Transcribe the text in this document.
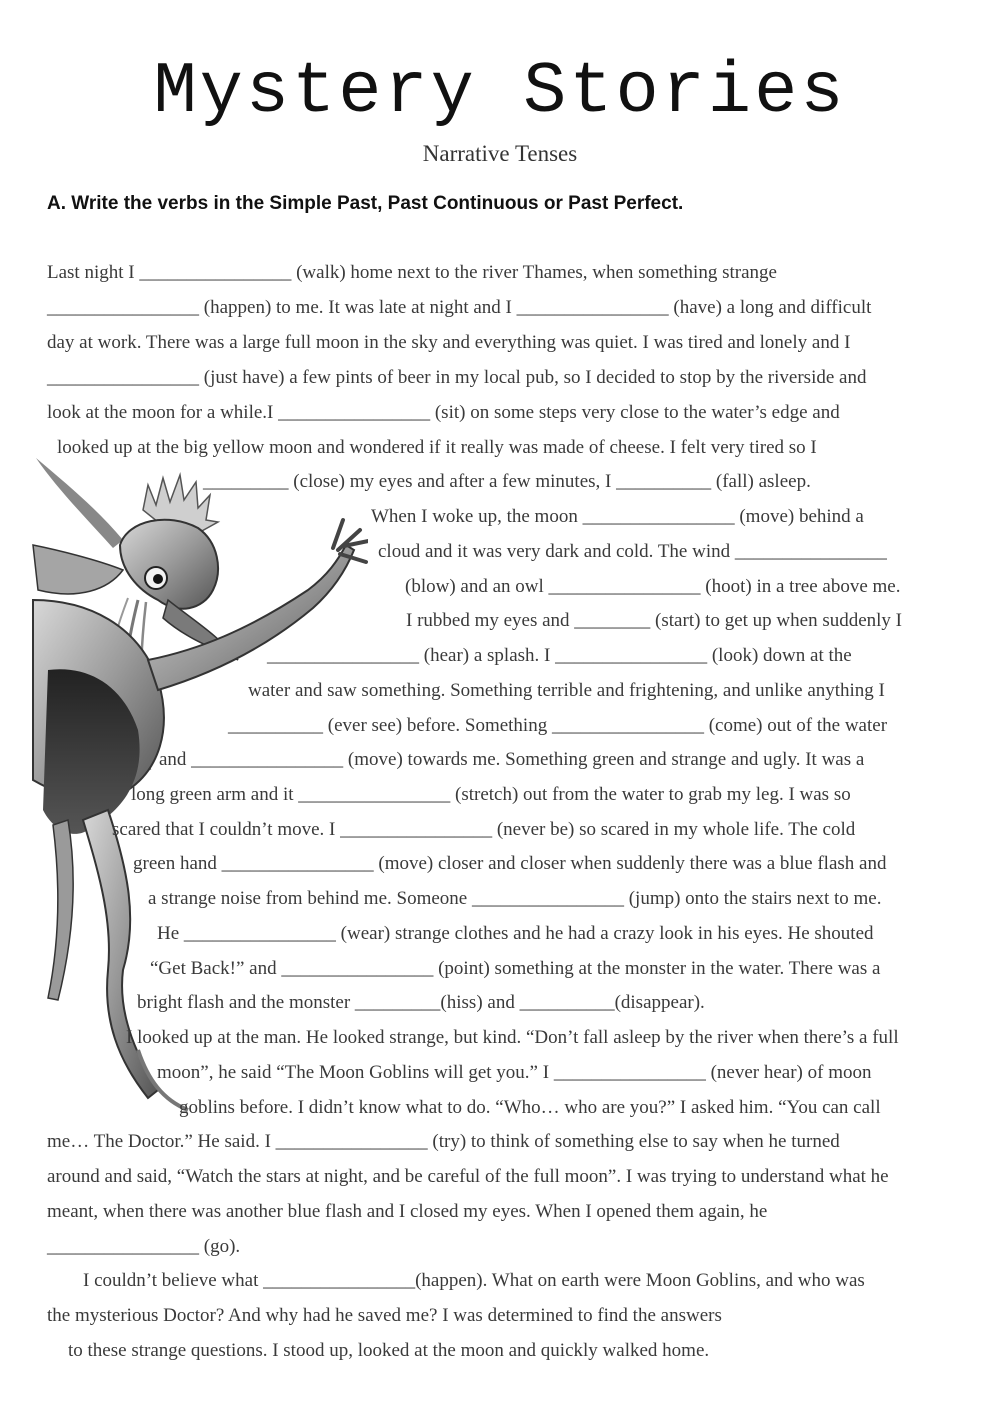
Mystery Stories
Narrative Tenses
A. Write the verbs in the Simple Past, Past Continuous or Past Perfect.
Last night I ________________ (walk) home next to the river Thames, when something strange
________________ (happen) to me. It was late at night and I ________________ (have) a long and difficult
day at work. There was a large full moon in the sky and everything was quiet. I was tired and lonely and I
________________ (just have) a few pints of beer in my local pub, so I decided to stop by the riverside and
look at the moon for a while.I ________________ (sit) on some steps very close to the water’s edge and
looked up at the big yellow moon and wondered if it really was made of cheese. I felt very tired so I
_________ (close) my eyes and after a few minutes, I __________ (fall) asleep.
When I woke up, the moon ________________ (move) behind a
cloud and it was very dark and cold. The wind ________________
(blow) and an owl ________________ (hoot) in a tree above me.
I rubbed my eyes and ________ (start) to get up when suddenly I
________________ (hear) a splash. I ________________ (look) down at the
water and saw something. Something terrible and frightening, and unlike anything I
__________ (ever see) before. Something ________________ (come) out of the water
and ________________ (move) towards me. Something green and strange and ugly. It was a
long green arm and it ________________ (stretch) out from the water to grab my leg. I was so
scared that I couldn’t move. I ________________ (never be) so scared in my whole life. The cold
green hand ________________ (move) closer and closer when suddenly there was a blue flash and
a strange noise from behind me. Someone ________________ (jump) onto the stairs next to me.
He ________________ (wear) strange clothes and he had a crazy look in his eyes. He shouted
“Get Back!” and ________________ (point) something at the monster in the water. There was a
bright flash and the monster _________(hiss) and __________(disappear).
I looked up at the man. He looked strange, but kind. “Don’t fall asleep by the river when there’s a full
moon”, he said “The Moon Goblins will get you.” I ________________ (never hear) of moon
goblins before. I didn’t know what to do. “Who… who are you?” I asked him. “You can call
me… The Doctor.” He said. I ________________ (try) to think of something else to say when he turned
around and said, “Watch the stars at night, and be careful of the full moon”. I was trying to understand what he
meant, when there was another blue flash and I closed my eyes. When I opened them again, he
________________ (go).
I couldn’t believe what ________________(happen). What on earth were Moon Goblins, and who was
the mysterious Doctor? And why had he saved me? I was determined to find the answers
to these strange questions. I stood up, looked at the moon and quickly walked home.
